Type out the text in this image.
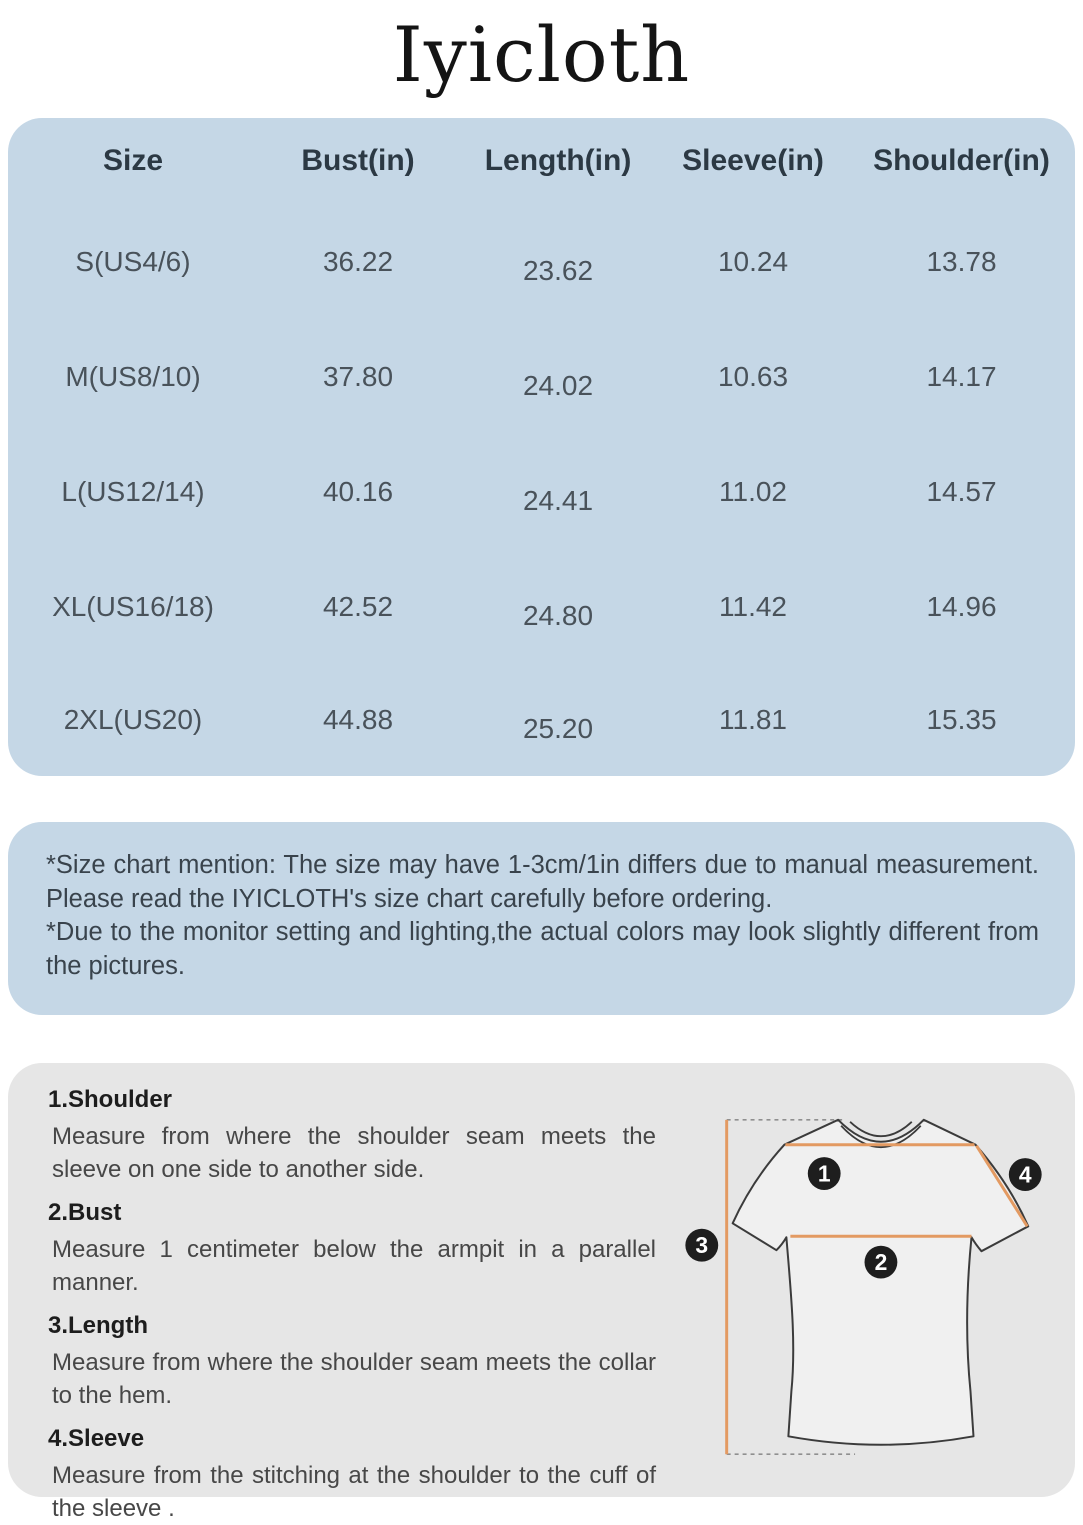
Iyicloth
Size	Bust(in) Length(in) Sleeve(in) Shoulder(in)
S(US4/6)	36.22	23.62	10.24	13.78
M(US8/10)	37.80	24.02	10.63	14.17
L(US12/14)	40.16	24.41	11.02	14.57
XL(US16/18)	42.52	24.80	11.42	14.96
2XL(US20)	44.88	25.20	11.81	15.35

*Size chart mention: The size may have 1-3cm/1in differs due to manual measurement. Please read the IYICLOTH's size chart carefully before ordering.

*Due to the monitor setting and lighting,the actual colors may look slightly different from the pictures.

1.Shoulder

Measure from where the shoulder seam meets the sleeve on one side to another side.

2.Bust

Measure 1 centimeter below the armpit in a parallel manner.

3.Length

Measure from where the shoulder seam meets the collar to the hem.

4.Sleeve

Measure from the stitching at the shoulder to the cuff of the sleeve .

1
2
3
4
